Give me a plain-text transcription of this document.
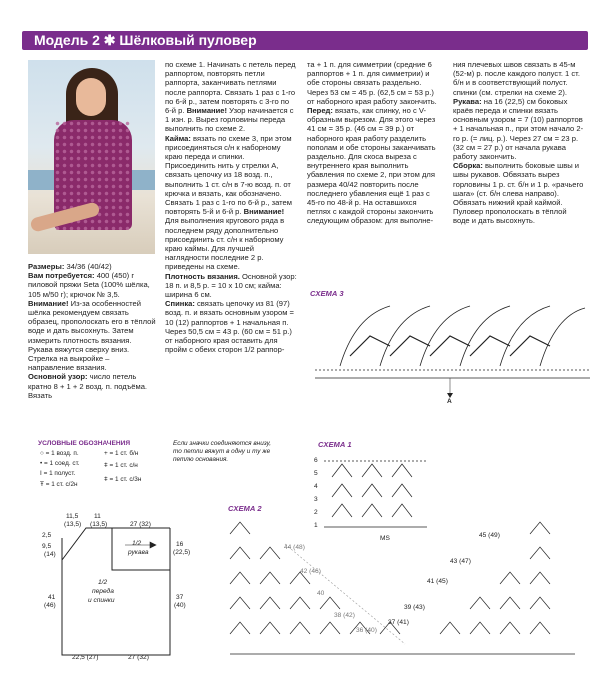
Модель 2 ✱ Шёлковый пуловер
Размеры: 34/36 (40/42)
Вам потребуется: 400 (450) г пиловой пряжи Seta (100% шёлка, 105 м/50 г); крючок № 3,5.
Внимание! Из-за особенностей шёлка рекомендуем связать образец, прополоскать его в тёплой воде и дать высохнуть. Затем измерить плотность вязания. Рукава вяжутся сверху вниз. Стрелка на выкройке – направление вязания.
Основной узор: число петель кратно 8 + 1 + 2 возд. п. подъёма. Вязать
по схеме 1. Начинать с петель перед раппортом, повторять петли раппорта, заканчивать петлями после раппорта. Связать 1 раз с 1-го по 6-й р., затем повторять с 3-го по 6-й р. Внимание! Узор начинается с 1 изн. р. Вырез горловины переда выполнить по схеме 2.
Кайма: вязать по схеме 3, при этом присоединяться с/н к наборному краю переда и спинки. Присоединить нить у стрелки А, связать цепочку из 18 возд. п., выполнить 1 ст. с/н в 7-ю возд. п. от крючка и вязать, как обозначено. Связать 1 раз с 1-го по 6-й р., затем повторять 5-й и 6-й р. Внимание! Для выполнения кругового ряда в последнем ряду дополнительно присоединить ст. с/н к наборному краю каймы. Для лучшей наглядности последние 2 р. приведены на схеме.
Плотность вязания. Основной узор: 18 п. и 8,5 р. = 10 х 10 см; кайма: ширина 6 см.
Спинка: связать цепочку из 81 (97) возд. п. и вязать основным узором = 10 (12) раппортов + 1 начальная п. Через 50,5 см = 43 р. (60 см = 51 р.) от наборного края оставить для пройм с обеих сторон 1/2 раппор-
та + 1 п. для симметрии (средние 6 раппортов + 1 п. для симметрии) и обе стороны связать раздельно. Через 53 см = 45 р. (62,5 см = 53 р.) от наборного края работу закончить.
Перед: вязать, как спинку, но с V-образным вырезом. Для этого через 41 см = 35 р. (46 см = 39 р.) от наборного края работу разделить пополам и обе стороны заканчивать раздельно. Для скоса выреза с внутреннего края выполнить убавления по схеме 2, при этом для размера 40/42 повторить после последнего убавления ещё 1 раз с 45-го по 48-й р. На оставшихся петлях с каждой стороны закончить следующим образом: для выполне-
ния плечевых швов связать в 45-м (52-м) р. после каждого полуст. 1 ст. б/н и в соответствующий полуст. спинки (см. стрелки на схеме 2).
Рукава: на 16 (22,5) см боковых краёв переда и спинки вязать основным узором = 7 (10) раппортов + 1 начальная п., при этом начало 2-го р. (= лиц. р.). Через 27 см = 23 р. (32 см = 27 р.) от начала рукава работу закончить.
Сборка: выполнить боковые швы и швы рукавов. Обвязать вырез горловины 1 р. ст. б/н и 1 р. «рачьего шага» (ст. б/н слева направо). Обвязать нижний край каймой. Пуловер прополоскать в тёплой воде и дать высохнуть.
СХЕМА 3
A
УСЛОВНЫЕ ОБОЗНАЧЕНИЯ
○ = 1 возд. п.
• = 1 соед. ст.
Ι = 1 полуст.
Ŧ = 1 ст. с/2н
+ = 1 ст. б/н
ǂ = 1 ст. с/н
ǂ = 1 ст. с/3н
Если значки соединяются внизу, то петли вяжут в одну и ту же петлю основания.
11,5
(13,5)
11
(13,5)	27 (32)
2,5
9,5
(14)
41
(46)
16
(22,5)
37
(40)
22,5 (27)	27 (32)
1/2
рукава
1/2
переда
и спинки
СХЕМА 1
6
5
4
3
2
1
MS
СХЕМА 2
44 (48)
42 (46)
40
38 (42)
36 (40)
45 (49)
43 (47)
41 (45)
39 (43)
37 (41)
